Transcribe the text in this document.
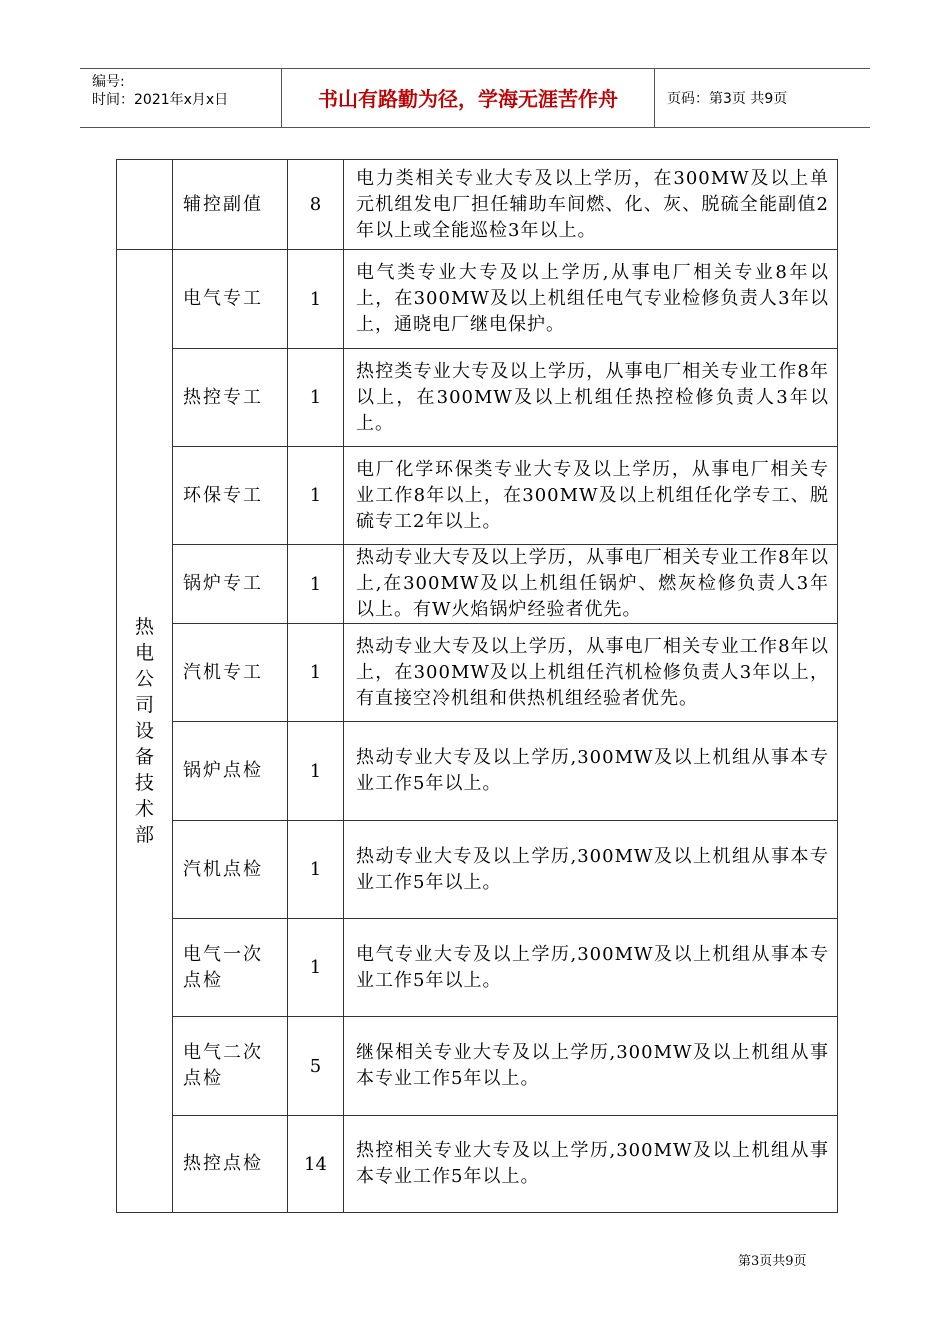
编号:
时间：2021年x月x日	书山有路勤为径，学海无涯苦作舟	页码：第3页 共9页
	辅控副值	8	电力类相关专业大专及以上学历，在300MW及以上单元机组发电厂担任辅助车间燃、化、灰、脱硫全能副值2年以上或全能巡检3年以上。
热电公司设备技术部	电气专工	1	电气类专业大专及以上学历,从事电厂相关专业8年以上，在300MW及以上机组任电气专业检修负责人3年以上，通晓电厂继电保护。
	热控专工	1	热控类专业大专及以上学历，从事电厂相关专业工作8年以上，在300MW及以上机组任热控检修负责人3年以上。
	环保专工	1	电厂化学环保类专业大专及以上学历，从事电厂相关专业工作8年以上，在300MW及以上机组任化学专工、脱硫专工2年以上。
	锅炉专工	1	热动专业大专及以上学历，从事电厂相关专业工作8年以上,在300MW及以上机组任锅炉、燃灰检修负责人3年以上。有W火焰锅炉经验者优先。
	汽机专工	1	热动专业大专及以上学历，从事电厂相关专业工作8年以上，在300MW及以上机组任汽机检修负责人3年以上，有直接空冷机组和供热机组经验者优先。
	锅炉点检	1	热动专业大专及以上学历,300MW及以上机组从事本专业工作5年以上。
	汽机点检	1	热动专业大专及以上学历,300MW及以上机组从事本专业工作5年以上。
	电气一次点检	1	电气专业大专及以上学历,300MW及以上机组从事本专业工作5年以上。
	电气二次点检	5	继保相关专业大专及以上学历,300MW及以上机组从事本专业工作5年以上。
	热控点检	14	热控相关专业大专及以上学历,300MW及以上机组从事本专业工作5年以上。
第3页共9页
